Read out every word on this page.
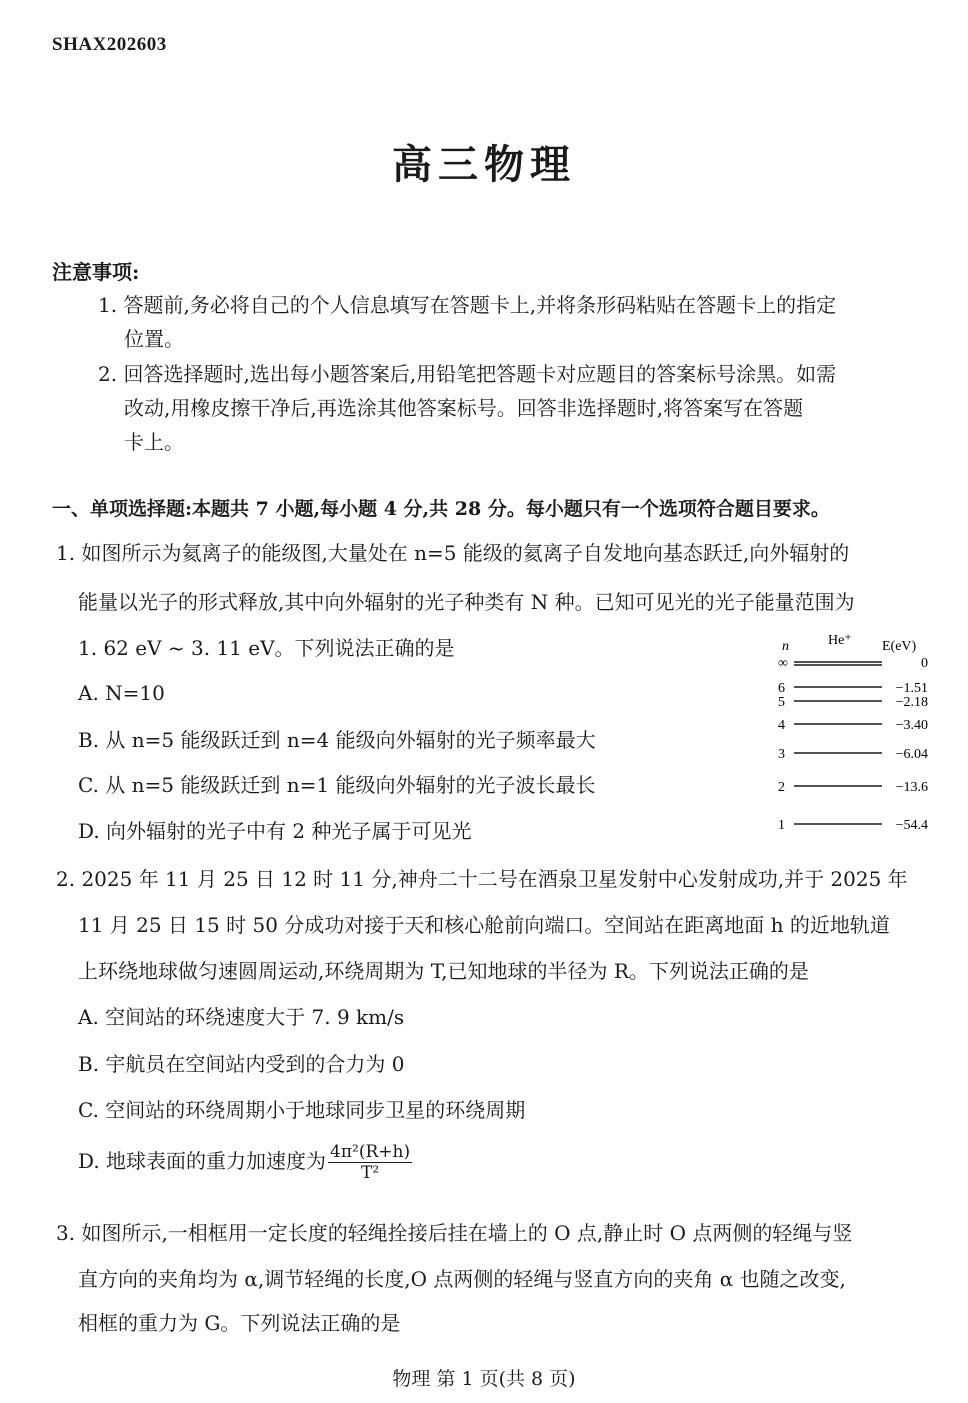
SHAX202603
高三物理
注意事项:
1. 答题前,务必将自己的个人信息填写在答题卡上,并将条形码粘贴在答题卡上的指定
位置。
2. 回答选择题时,选出每小题答案后,用铅笔把答题卡对应题目的答案标号涂黑。如需
改动,用橡皮擦干净后,再选涂其他答案标号。回答非选择题时,将答案写在答题
卡上。
一、单项选择题:本题共 7 小题,每小题 4 分,共 28 分。每小题只有一个选项符合题目要求。
1. 如图所示为氦离子的能级图,大量处在 n=5 能级的氦离子自发地向基态跃迁,向外辐射的
能量以光子的形式释放,其中向外辐射的光子种类有 N 种。已知可见光的光子能量范围为
1. 62 eV ~ 3. 11 eV。下列说法正确的是
A. N=10
B. 从 n=5 能级跃迁到 n=4 能级向外辐射的光子频率最大
C. 从 n=5 能级跃迁到 n=1 能级向外辐射的光子波长最长
D. 向外辐射的光子中有 2 种光子属于可见光
n	He⁺ E(eV)
∞	0
6	−1.51
5	−2.18
4	−3.40
3	−6.04
2	−13.6
1	−54.4
2. 2025 年 11 月 25 日 12 时 11 分,神舟二十二号在酒泉卫星发射中心发射成功,并于 2025 年
11 月 25 日 15 时 50 分成功对接于天和核心舱前向端口。空间站在距离地面 h 的近地轨道
上环绕地球做匀速圆周运动,环绕周期为 T,已知地球的半径为 R。下列说法正确的是
A. 空间站的环绕速度大于 7. 9 km/s
B. 宇航员在空间站内受到的合力为 0
C. 空间站的环绕周期小于地球同步卫星的环绕周期
D. 地球表面的重力加速度为 $\frac{\text{4π²(R+h)}}{\text{T²}}$
3. 如图所示,一相框用一定长度的轻绳拴接后挂在墙上的 O 点,静止时 O 点两侧的轻绳与竖
直方向的夹角均为 α,调节轻绳的长度,O 点两侧的轻绳与竖直方向的夹角 α 也随之改变,
相框的重力为 G。下列说法正确的是
物理 第 1 页(共 8 页)
